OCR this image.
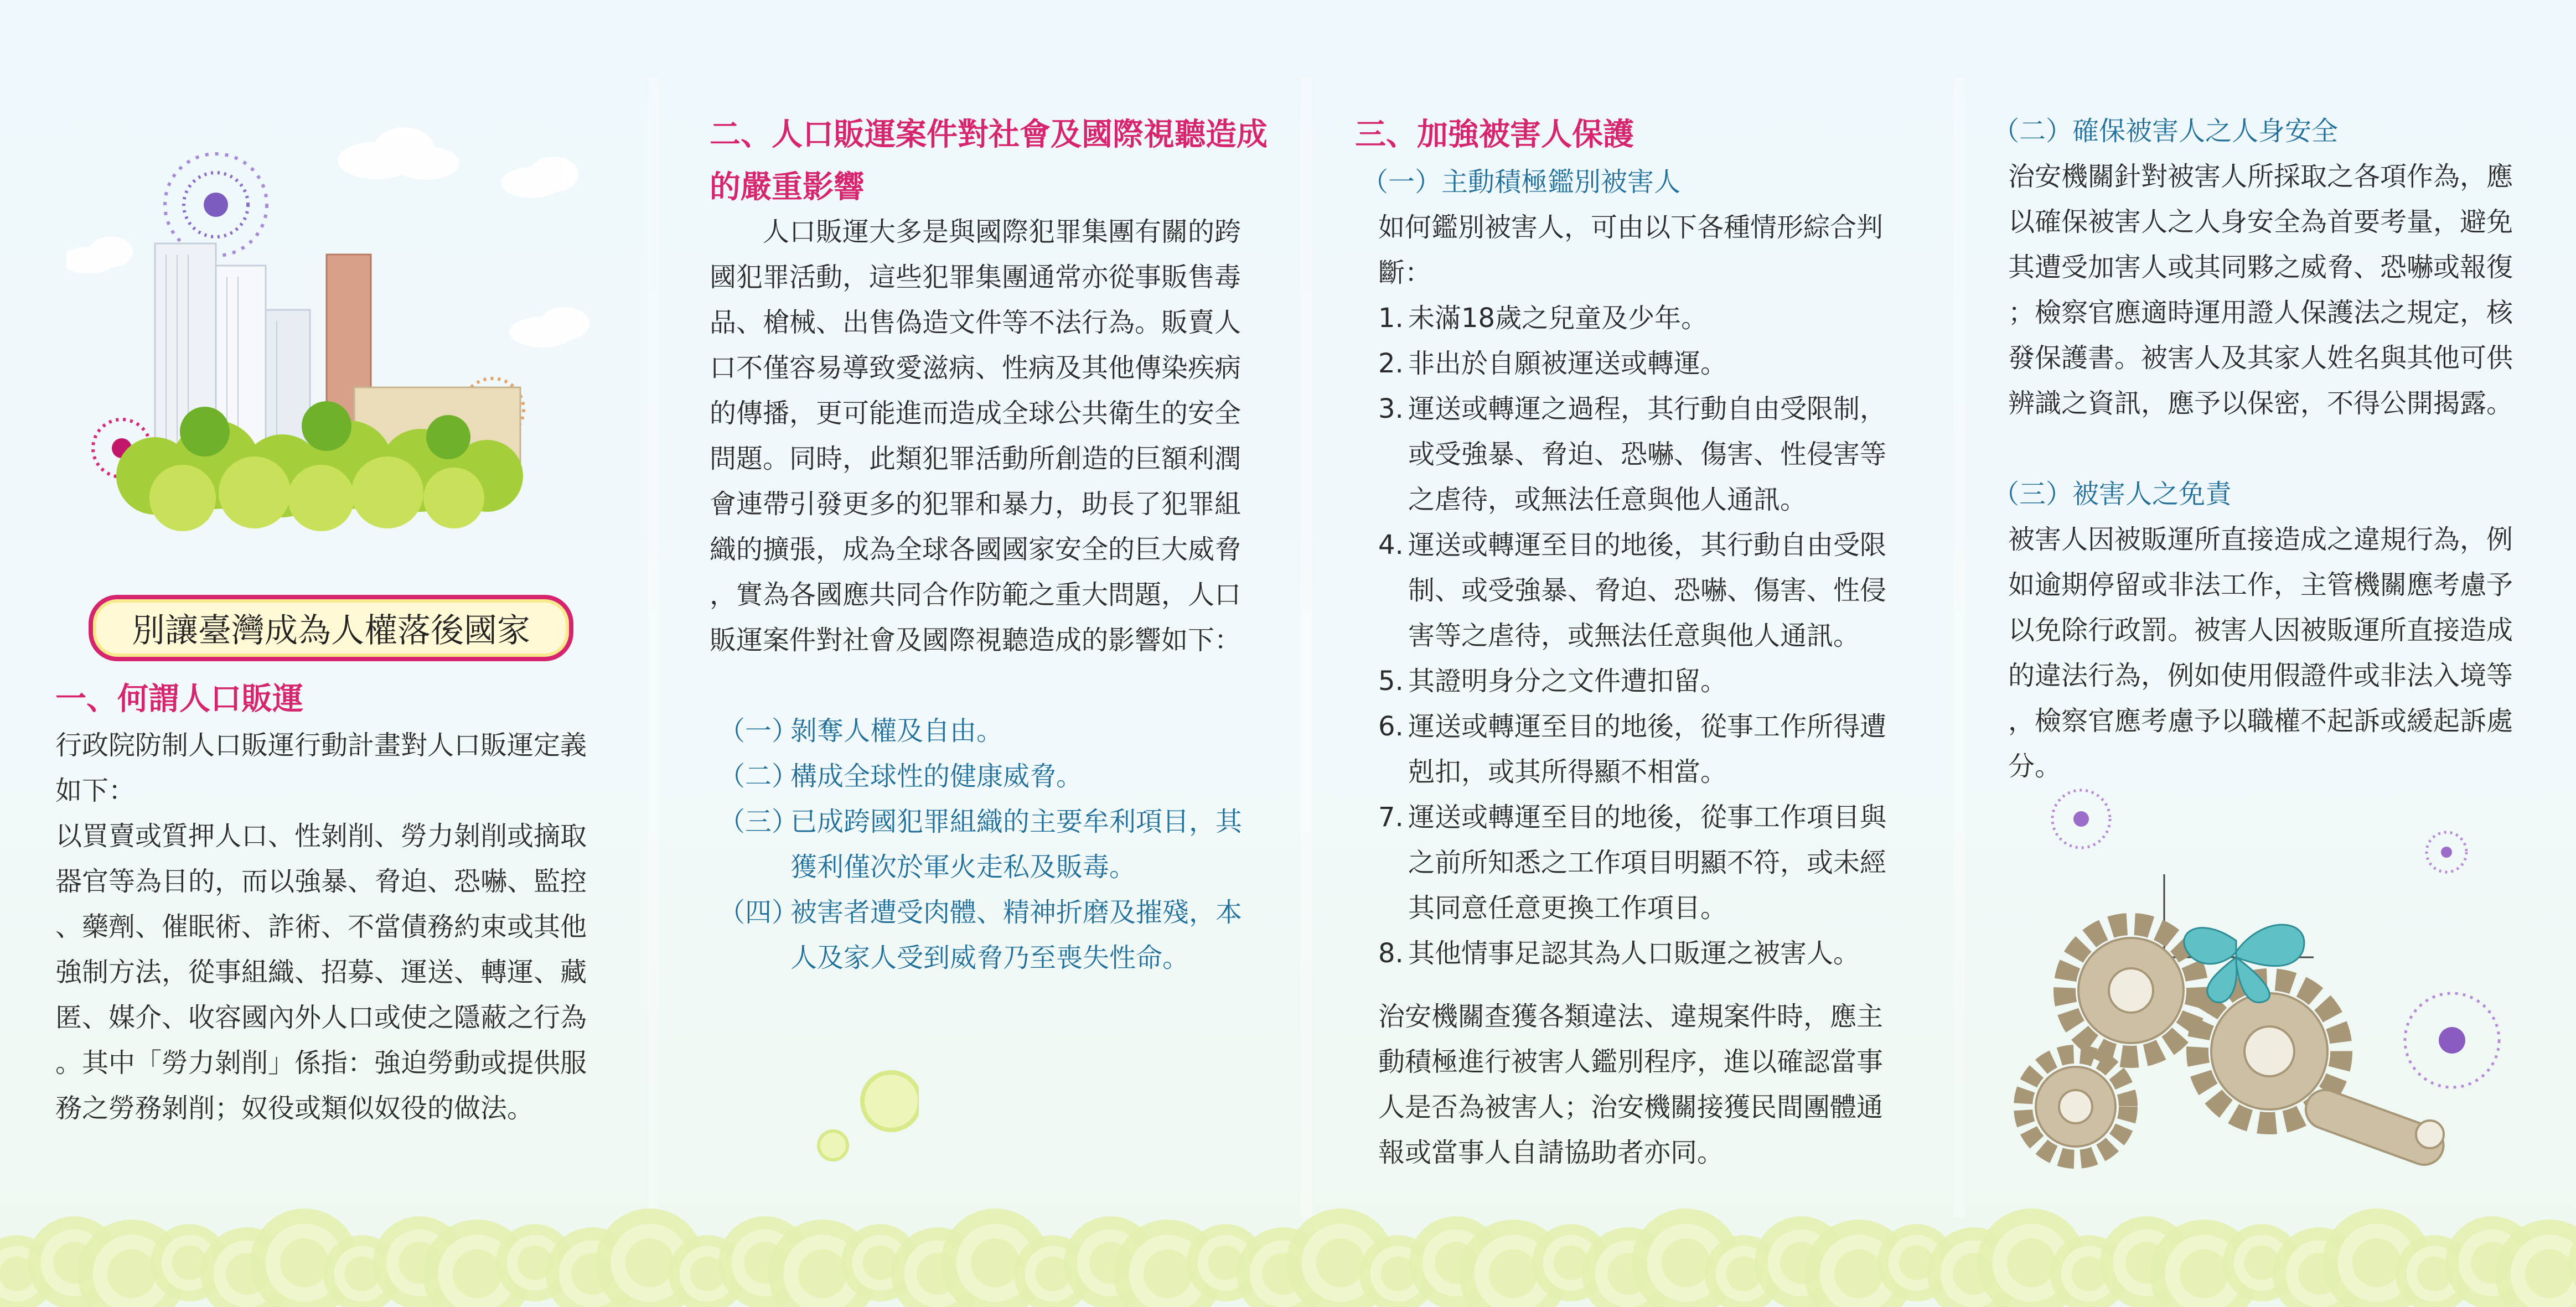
別讓臺灣成為人權落後國家
一、何謂人口販運
行政院防制人口販運行動計畫對人口販運定義
如下：
以買賣或質押人口、性剝削、勞力剝削或摘取
器官等為目的，而以強暴、脅迫、恐嚇、監控
、藥劑、催眠術、詐術、不當債務約束或其他
強制方法，從事組織、招募、運送、轉運、藏
匿、媒介、收容國內外人口或使之隱蔽之行為
。其中「勞力剝削」係指：強迫勞動或提供服
務之勞務剝削；奴役或類似奴役的做法。
二、人口販運案件對社會及國際視聽造成
的嚴重影響
　　人口販運大多是與國際犯罪集團有關的跨
國犯罪活動，這些犯罪集團通常亦從事販售毒
品、槍械、出售偽造文件等不法行為。販賣人
口不僅容易導致愛滋病、性病及其他傳染疾病
的傳播，更可能進而造成全球公共衛生的安全
問題。同時，此類犯罪活動所創造的巨額利潤
會連帶引發更多的犯罪和暴力，助長了犯罪組
織的擴張，成為全球各國國家安全的巨大威脅
，實為各國應共同合作防範之重大問題，人口
販運案件對社會及國際視聽造成的影響如下：
（一）
剝奪人權及自由。
（二）
構成全球性的健康威脅。
（三）
已成跨國犯罪組織的主要牟利項目，其
獲利僅次於軍火走私及販毒。
（四）
被害者遭受肉體、精神折磨及摧殘，本
人及家人受到威脅乃至喪失性命。
三、加強被害人保護
（一）主動積極鑑別被害人
如何鑑別被害人，可由以下各種情形綜合判
斷：
1. 未滿18歲之兒童及少年。
2. 非出於自願被運送或轉運。
3. 運送或轉運之過程，其行動自由受限制，
或受強暴、脅迫、恐嚇、傷害、性侵害等
之虐待，或無法任意與他人通訊。
4. 運送或轉運至目的地後，其行動自由受限
制、或受強暴、脅迫、恐嚇、傷害、性侵
害等之虐待，或無法任意與他人通訊。
5. 其證明身分之文件遭扣留。
6. 運送或轉運至目的地後，從事工作所得遭
剋扣，或其所得顯不相當。
7. 運送或轉運至目的地後，從事工作項目與
之前所知悉之工作項目明顯不符，或未經
其同意任意更換工作項目。
8. 其他情事足認其為人口販運之被害人。
治安機關查獲各類違法、違規案件時，應主
動積極進行被害人鑑別程序，進以確認當事
人是否為被害人；治安機關接獲民間團體通
報或當事人自請協助者亦同。
（二）確保被害人之人身安全
治安機關針對被害人所採取之各項作為，應
以確保被害人之人身安全為首要考量，避免
其遭受加害人或其同夥之威脅、恐嚇或報復
；檢察官應適時運用證人保護法之規定，核
發保護書。被害人及其家人姓名與其他可供
辨識之資訊，應予以保密，不得公開揭露。
（三）被害人之免責
被害人因被販運所直接造成之違規行為，例
如逾期停留或非法工作，主管機關應考慮予
以免除行政罰。被害人因被販運所直接造成
的違法行為，例如使用假證件或非法入境等
，檢察官應考慮予以職權不起訴或緩起訴處
分。
